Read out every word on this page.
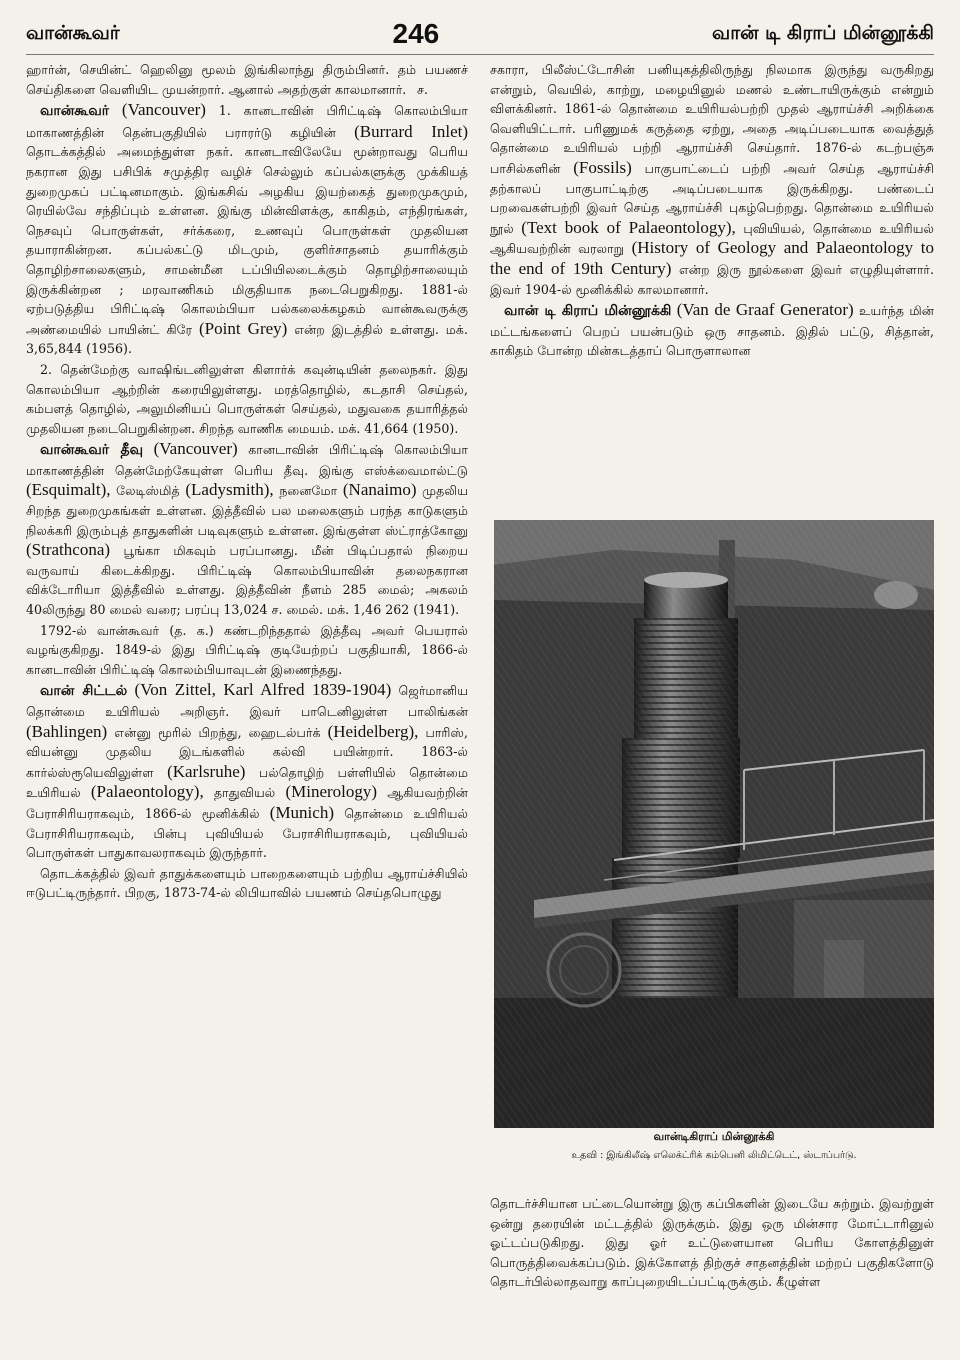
வான்கூவர்	246	வான் டி கிராப் மின்னூக்கி

ஹார்ன், செயின்ட் ஹெலினு மூலம் இங்கிலாந்து திரும்பினர். தம் பயணச் செய்திகளை வெளியிட முயன்றார். ஆனால் அதற்குள் காலமானார். ச.

வான்கூவர் (Vancouver) 1. கானடாவின் பிரிட்டிஷ் கொலம்பியா மாகாணத்தின் தென்பகுதியில் பராரர்டு கழியின் (Burrard Inlet) தொடக்கத்தில் அமைந்துள்ள நகர். கானடாவிலேயே மூன்றாவது பெரிய நகரான இது பசிபிக் சமுத்திர வழிச் செல்லும் கப்பல்களுக்கு முக்கியத் துறைமுகப் பட்டினமாகும். இங்கசிவ் அழகிய இயற்கைத் துறைமுகமும், ரெயில்வே சந்திப்பும் உள்ளன. இங்கு மின்விளக்கு, காகிதம், எந்திரங்கள், நெசவுப் பொருள்கள், சர்க்கரை, உணவுப் பொருள்கள் முதலியன தயாராகின்றன. கப்பல்கட்டு மிடமும், குளிர்சாதனம் தயாரிக்கும் தொழிற்சாலைகளும், சாமன்மீன டப்பியிலடைக்கும் தொழிற்சாலையும் இருக்கின்றன ; மரவாணிகம் மிகுதியாக நடைபெறுகிறது. 1881-ல் ஏற்படுத்திய பிரிட்டிஷ் கொலம்பியா பல்கலைக்கழகம் வான்கூவருக்கு அண்மையில் பாயின்ட் கிரே (Point Grey) என்ற இடத்தில் உள்ளது. மக். 3,65,844 (1956).

2. தென்மேற்கு வாஷிங்டனிலுள்ள கிளார்க் கவுன்டியின் தலைநகர். இது கொலம்பியா ஆற்றின் கரையிலுள்ளது. மரத்தொழில், கடதாசி செய்தல், கம்பளத் தொழில், அலுமினியப் பொருள்கள் செய்தல், மதுவகை தயாரித்தல் முதலியன நடைபெறுகின்றன. சிறந்த வாணிக மையம். மக். 41,664 (1950).

வான்கூவர் தீவு (Vancouver) கானடாவின் பிரிட்டிஷ் கொலம்பியா மாகாணத்தின் தென்மேற்கேயுள்ள பெரிய தீவு. இங்கு எஸ்க்வைமால்ட்டு (Esquimalt), லேடிஸ்மித் (Ladysmith), நனைமோ (Nanaimo) முதலிய சிறந்த துறைமுகங்கள் உள்ளன. இத்தீவில் பல மலைகளும் பரந்த காடுகளும் நிலக்கரி இரும்புத் தாதுகளின் படிவுகளும் உள்ளன. இங்குள்ள ஸ்ட்ராத்கோனு (Strathcona) பூங்கா மிகவும் பரப்பானது. மீன் பிடிப்பதால் நிறைய வருவாய் கிடைக்கிறது. பிரிட்டிஷ் கொலம்பியாவின் தலைநகரான விக்டோரியா இத்தீவில் உள்ளது. இத்தீவின் நீளம் 285 மைல்; அகலம் 40லிருந்து 80 மைல் வரை; பரப்பு 13,024 ச. மைல். மக். 1,46 262 (1941).

1792-ல் வான்கூவர் (த. க.) கண்டறிந்ததால் இத்தீவு அவர் பெயரால் வழங்குகிறது. 1849-ல் இது பிரிட்டிஷ் குடியேற்றப் பகுதியாகி, 1866-ல் கானடாவின் பிரிட்டிஷ் கொலம்பியாவுடன் இணைந்தது.

வான் சிட்டல் (Von Zittel, Karl Alfred 1839-1904) ஜெர்மானிய தொன்மை உயிரியல் அறிஞர். இவர் பாடெனிலுள்ள பாலிங்கன் (Bahlingen) என்னு மூரில் பிறந்து, ஹைடல்பர்க் (Heidelberg), பாரிஸ், வியன்னு முதலிய இடங்களில் கல்வி பயின்றார். 1863-ல் கார்ல்ஸ்ரூயெவிலுள்ள (Karlsruhe) பல்தொழிற் பள்ளியில் தொன்மை உயிரியல் (Palaeontology), தாதுவியல் (Minerology) ஆகியவற்றின் பேராசிரியராகவும், 1866-ல் மூனிக்கில் (Munich) தொன்மை உயிரியல் பேராசிரியராகவும், பின்பு புவியியல் பேராசிரியராகவும், புவியியல் பொருள்கள் பாதுகாவலராகவும் இருந்தார்.

தொடக்கத்தில் இவர் தாதுக்களையும் பாறைகளையும் பற்றிய ஆராய்ச்சியில் ஈடுபட்டிருந்தார். பிறகு, 1873-74-ல் லிபியாவில் பயணம் செய்தபொழுது

சகாரா, பிலீஸ்ட்டோசின் பனியுகத்திலிருந்து நிலமாக இருந்து வருகிறது என்றும், வெயில், காற்று, மழையினுல் மணல் உண்டாயிருக்கும் என்றும் விளக்கினர். 1861-ல் தொன்மை உயிரியல்பற்றி முதல் ஆராய்ச்சி அறிக்கை வெளியிட்டார். பரிணுமக் கருத்தை ஏற்று, அதை அடிப்படையாக வைத்துத் தொன்மை உயிரியல் பற்றி ஆராய்ச்சி செய்தார். 1876-ல் கடற்பஞ்சு பாசில்களின் (Fossils) பாகுபாட்டைப் பற்றி அவர் செய்த ஆராய்ச்சி தற்காலப் பாகுபாட்டிற்கு அடிப்படையாக இருக்கிறது. பண்டைப் பறவைகள்பற்றி இவர் செய்த ஆராய்ச்சி புகழ்பெற்றது. தொன்மை உயிரியல் நூல் (Text book of Palaeontology), புவியியல், தொன்மை உயிரியல் ஆகியவற்றின் வரலாறு (History of Geology and Palaeontology to the end of 19th Century) என்ற இரு நூல்களை இவர் எழுதியுள்ளார். இவர் 1904-ல் மூனிக்கில் காலமானார்.

வான் டி கிராப் மின்னூக்கி (Van de Graaf Generator) உயர்ந்த மின் மட்டங்களைப் பெறப் பயன்படும் ஒரு சாதனம். இதில் பட்டு, சித்தான், காகிதம் போன்ற மின்கடத்தாப் பொருளாலான

வான்டிகிராப் மின்னூக்கி
உதவி : இங்கிலீஷ் எலெக்ட்ரிக் கம்பெனி லிமிட்டெட், ஸ்டாப்பர்டு.

தொடர்ச்சியான பட்டையொன்று இரு கப்பிகளின் இடையே சுற்றும். இவற்றுள் ஒன்று தரையின் மட்டத்தில் இருக்கும். இது ஒரு மின்சார மோட்டாரினுல் ஓட்டப்படுகிறது. இது ஓர் உட்டுளையான பெரிய கோளத்தினுள் பொருத்திவைக்கப்படும். இக்கோளத் திற்குச் சாதனத்தின் மற்றப் பகுதிகளோடு தொடர்பில்லாதவாறு காப்புறையிடப்பட்டிருக்கும். கீழுள்ள
